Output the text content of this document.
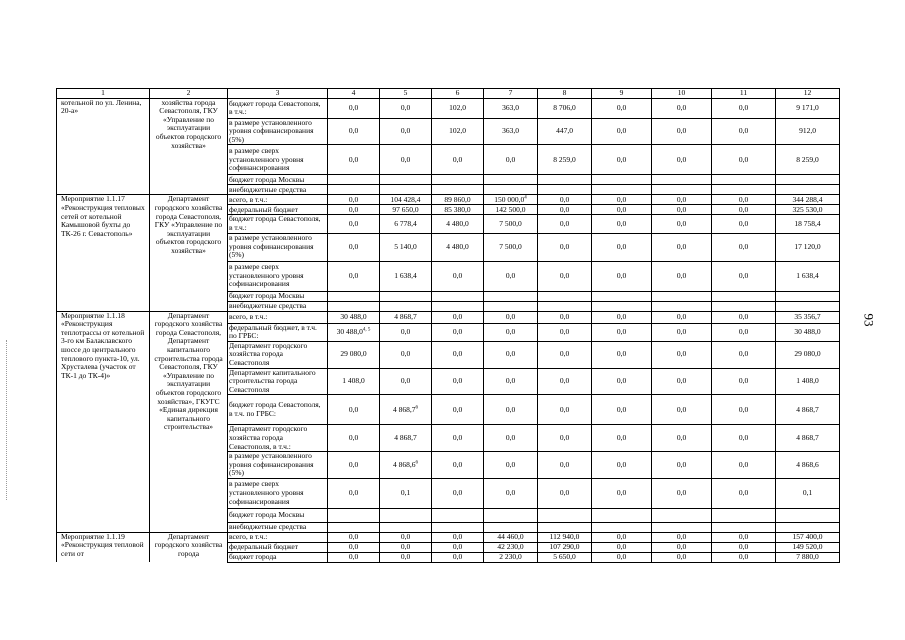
1	2	3	4	5	6	7	8	9	10	11	12
котельной по ул. Ленина, 20-а»	хозяйства города Севастополя, ГКУ «Управление по эксплуатации объектов городского хозяйства»	бюджет города Севастополя, в т.ч.:	0,0	0,0	102,0	363,0	8 706,0	0,0	0,0	0,0	9 171,0
		в размере установленного уровня софинансирования (5%)	0,0	0,0	102,0	363,0	447,0	0,0	0,0	0,0	912,0
		в размере сверх установленного уровня софинансирования	0,0	0,0	0,0	0,0	8 259,0	0,0	0,0	0,0	8 259,0
		бюджет города Москвы									
		внебюджетные средства									
Мероприятие 1.1.17 «Реконструкция тепловых сетей от котельной Камышовой бухты до ТК-26 г. Севастополь»	Департамент городского хозяйства города Севастополя, ГКУ «Управление по эксплуатации объектов городского хозяйства»	всего, в т.ч.:	0,0	104 428,4	89 860,0	150 000,0$^4$	0,0	0,0	0,0	0,0	344 288,4
		федеральный бюджет	0,0	97 650,0	85 380,0	142 500,0	0,0	0,0	0,0	0,0	325 530,0
		бюджет города Севастополя, в т.ч.:	0,0	6 778,4	4 480,0	7 500,0	0,0	0,0	0,0	0,0	18 758,4
		в размере установленного уровня софинансирования (5%)	0,0	5 140,0	4 480,0	7 500,0	0,0	0,0	0,0	0,0	17 120,0
		в размере сверх установленного уровня софинансирования	0,0	1 638,4	0,0	0,0	0,0	0,0	0,0	0,0	1 638,4
		бюджет города Москвы									
		внебюджетные средства									
Мероприятие 1.1.18 «Реконструкция теплотрассы от котельной 3-го км Балаклавского шоссе до центрального теплового пункта-10, ул. Хрусталева (участок от ТК-1 до ТК-4)»	Департамент городского хозяйства города Севастополя, Департамент капитального строительства города Севастополя, ГКУ «Управление по эксплуатации объектов городского хозяйства», ГКУГС «Единая дирекция капитального строительства»	всего, в т.ч.:	30 488,0	4 868,7	0,0	0,0	0,0	0,0	0,0	0,0	35 356,7
		федеральный бюджет, в т.ч. по ГРБС:	30 488,0$^{4, 5}$	0,0	0,0	0,0	0,0	0,0	0,0	0,0	30 488,0
		Департамент городского хозяйства города Севастополя	29 080,0	0,0	0,0	0,0	0,0	0,0	0,0	0,0	29 080,0
		Департамент капитального строительства города Севастополя	1 408,0	0,0	0,0	0,0	0,0	0,0	0,0	0,0	1 408,0
		бюджет города Севастополя, в т.ч. по ГРБС:	0,0	4 868,7$^6$	0,0	0,0	0,0	0,0	0,0	0,0	4 868,7
		Департамент городского хозяйства города Севастополя, в т.ч.:	0,0	4 868,7	0,0	0,0	0,0	0,0	0,0	0,0	4 868,7
		в размере установленного уровня софинансирования (5%)	0,0	4 868,6$^6$	0,0	0,0	0,0	0,0	0,0	0,0	4 868,6
		в размере сверх установленного уровня софинансирования	0,0	0,1	0,0	0,0	0,0	0,0	0,0	0,0	0,1
		бюджет города Москвы									
		внебюджетные средства									
Мероприятие 1.1.19 «Реконструкция тепловой сети от	Департамент городского хозяйства города	всего, в т.ч.:	0,0	0,0	0,0	44 460,0	112 940,0	0,0	0,0	0,0	157 400,0
		федеральный бюджет	0,0	0,0	0,0	42 230,0	107 290,0	0,0	0,0	0,0	149 520,0
		бюджет города	0,0	0,0	0,0	2 230,0	5 650,0	0,0	0,0	0,0	7 880,0
93
